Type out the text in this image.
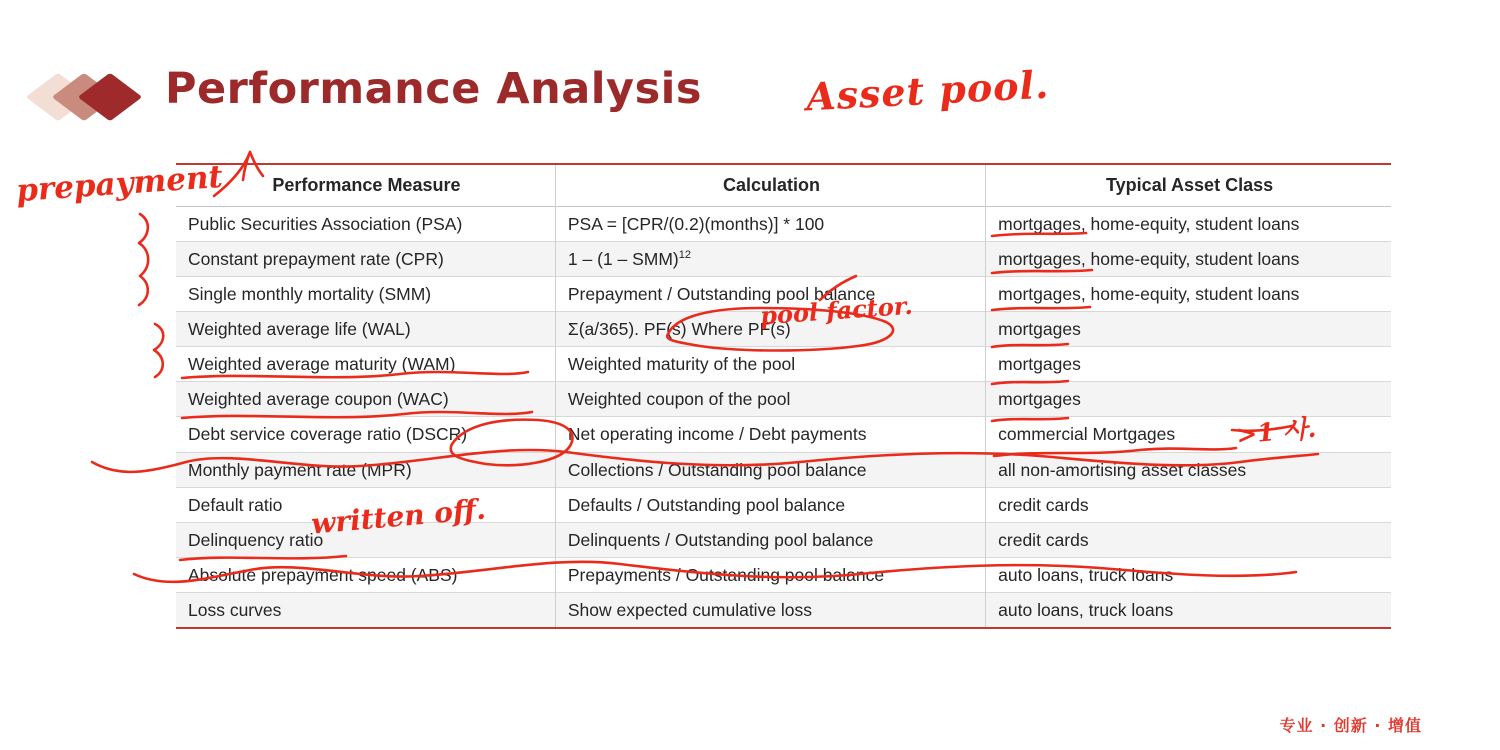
Performance Analysis
Performance Measure	Calculation	Typical Asset Class
Public Securities Association (PSA)	PSA = [CPR/(0.2)(months)] * 100	mortgages, home-equity, student loans
Constant prepayment rate (CPR)	1 – (1 – SMM)$^{12}$	mortgages, home-equity, student loans
Single monthly mortality (SMM)	Prepayment / Outstanding pool balance	mortgages, home-equity, student loans
Weighted average life (WAL)	Σ(a/365). PF(s) Where PF(s)	mortgages
Weighted average maturity (WAM)	Weighted maturity of the pool	mortgages
Weighted average coupon (WAC)	Weighted coupon of the pool	mortgages
Debt service coverage ratio (DSCR)	Net operating income / Debt payments	commercial Mortgages
Monthly payment rate (MPR)	Collections / Outstanding pool balance	all non-amortising asset classes
Default ratio	Defaults / Outstanding pool balance	credit cards
Delinquency ratio	Delinquents / Outstanding pool balance	credit cards
Absolute prepayment speed (ABS)	Prepayments / Outstanding pool balance	auto loans, truck loans
Loss curves	Show expected cumulative loss	auto loans, truck loans
专业 · 创新 · 增值
Asset pool.
prepayment
pool factor.
>1 사.
written off.
